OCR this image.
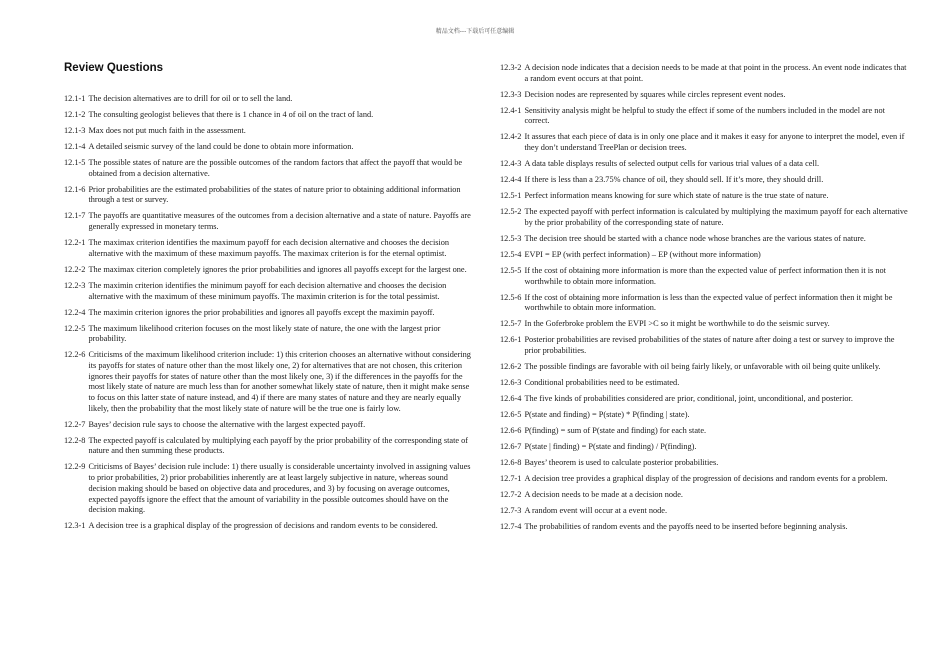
精品文档---下载后可任意编辑
Review Questions
12.1-1 The decision alternatives are to drill for oil or to sell the land.
12.1-2 The consulting geologist believes that there is 1 chance in 4 of oil on the tract of land.
12.1-3 Max does not put much faith in the assessment.
12.1-4 A detailed seismic survey of the land could be done to obtain more information.
12.1-5 The possible states of nature are the possible outcomes of the random factors that affect the payoff that would be obtained from a decision alternative.
12.1-6 Prior probabilities are the estimated probabilities of the states of nature prior to obtaining additional information through a test or survey.
12.1-7 The payoffs are quantitative measures of the outcomes from a decision alternative and a state of nature. Payoffs are generally expressed in monetary terms.
12.2-1 The maximax criterion identifies the maximum payoff for each decision alternative and chooses the decision alternative with the maximum of these maximum payoffs. The maximax criterion is for the eternal optimist.
12.2-2 The maximax citerion completely ignores the prior probabilities and ignores all payoffs except for the largest one.
12.2-3 The maximin criterion identifies the minimum payoff for each decision alternative and chooses the decision alternative with the maximum of these minimum payoffs. The maximin criterion is for the total pessimist.
12.2-4 The maximin criterion ignores the prior probabilities and ignores all payoffs except the maximin payoff.
12.2-5 The maximum likelihood criterion focuses on the most likely state of nature, the one with the largest prior probability.
12.2-6 Criticisms of the maximum likelihood criterion include: 1) this criterion chooses an alternative without considering its payoffs for states of nature other than the most likely one, 2) for alternatives that are not chosen, this criterion ignores their payoffs for states of nature other than the most likely one, 3) if the differences in the payoffs for the most likely state of nature are much less than for another somewhat likely state of nature, then it might make sense to focus on this latter state of nature instead, and 4) if there are many states of nature and they are nearly equally likely, then the probability that the most likely state of nature will be the true one is fairly low.
12.2-7 Bayes’ decision rule says to choose the alternative with the largest expected payoff.
12.2-8 The expected payoff is calculated by multiplying each payoff by the prior probability of the corresponding state of nature and then summing these products.
12.2-9 Criticisms of Bayes’ decision rule include: 1) there usually is considerable uncertainty involved in assigning values to prior probabilities, 2) prior probabilities inherently are at least largely subjective in nature, whereas sound decision making should be based on objective data and procedures, and 3) by focusing on average outcomes, expected payoffs ignore the effect that the amount of variability in the possible outcomes should have on the decision making.
12.3-1 A decision tree is a graphical display of the progression of decisions and random events to be considered.
12.3-2 A decision node indicates that a decision needs to be made at that point in the process. An event node indicates that a random event occurs at that point.
12.3-3 Decision nodes are represented by squares while circles represent event nodes.
12.4-1 Sensitivity analysis might be helpful to study the effect if some of the numbers included in the model are not correct.
12.4-2 It assures that each piece of data is in only one place and it makes it easy for anyone to interpret the model, even if they don’t understand TreePlan or decision trees.
12.4-3 A data table displays results of selected output cells for various trial values of a data cell.
12.4-4 If there is less than a 23.75% chance of oil, they should sell. If it’s more, they should drill.
12.5-1 Perfect information means knowing for sure which state of nature is the true state of nature.
12.5-2 The expected payoff with perfect information is calculated by multiplying the maximum payoff for each alternative by the prior probability of the corresponding state of nature.
12.5-3 The decision tree should be started with a chance node whose branches are the various states of nature.
12.5-4 EVPI = EP (with perfect information) – EP (without more information)
12.5-5 If the cost of obtaining more information is more than the expected value of perfect information then it is not worthwhile to obtain more information.
12.5-6 If the cost of obtaining more information is less than the expected value of perfect information then it might be worthwhile to obtain more information.
12.5-7 In the Goferbroke problem the EVPI >C so it might be worthwhile to do the seismic survey.
12.6-1 Posterior probabilities are revised probabilities of the states of nature after doing a test or survey to improve the prior probabilities.
12.6-2 The possible findings are favorable with oil being fairly likely, or unfavorable with oil being quite unlikely.
12.6-3 Conditional probabilities need to be estimated.
12.6-4 The five kinds of probabilities considered are prior, conditional, joint, unconditional, and posterior.
12.6-5 P(state and finding) = P(state) * P(finding | state).
12.6-6 P(finding) = sum of P(state and finding) for each state.
12.6-7 P(state | finding) = P(state and finding) / P(finding).
12.6-8 Bayes’ theorem is used to calculate posterior probabilities.
12.7-1 A decision tree provides a graphical display of the progression of decisions and random events for a problem.
12.7-2 A decision needs to be made at a decision node.
12.7-3 A random event will occur at a event node.
12.7-4 The probabilities of random events and the payoffs need to be inserted before beginning analysis.
